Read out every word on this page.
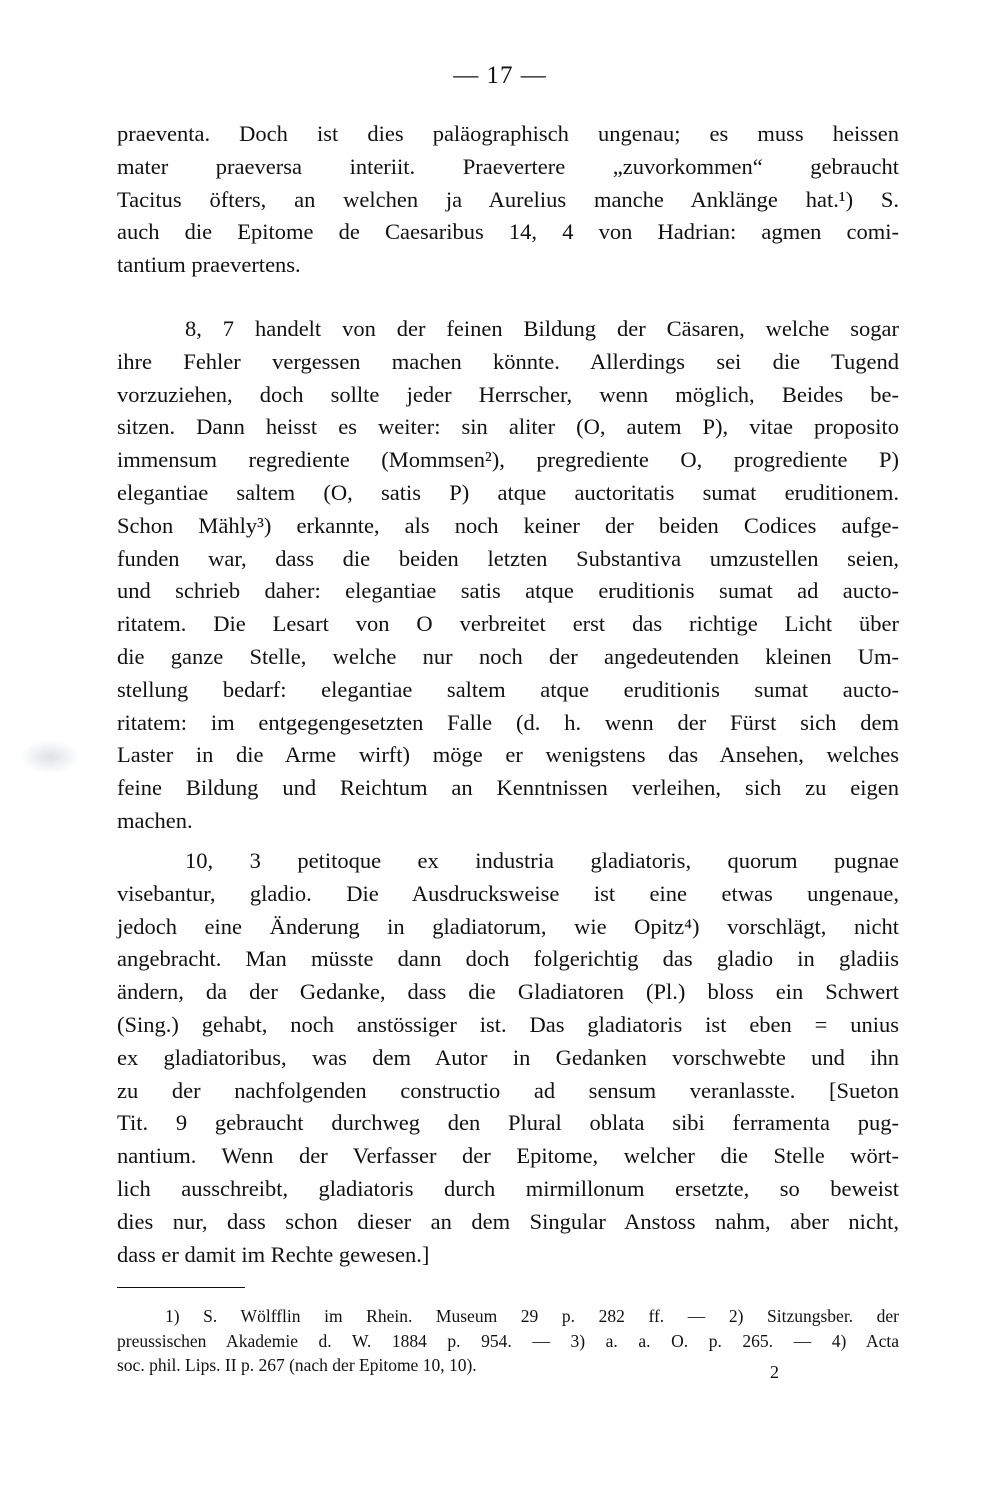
— 17 —
praeventa. Doch ist dies paläographisch ungenau; es muss heissen
mater praeversa interiit. Praevertere „zuvorkommen“ gebraucht
Tacitus öfters, an welchen ja Aurelius manche Anklänge hat.¹) S.
auch die Epitome de Caesaribus 14, 4 von Hadrian: agmen comi-
tantium praevertens.
8, 7 handelt von der feinen Bildung der Cäsaren, welche sogar
ihre Fehler vergessen machen könnte. Allerdings sei die Tugend
vorzuziehen, doch sollte jeder Herrscher, wenn möglich, Beides be-
sitzen. Dann heisst es weiter: sin aliter (O, autem P), vitae proposito
immensum regrediente (Mommsen²), pregrediente O, progrediente P)
elegantiae saltem (O, satis P) atque auctoritatis sumat eruditionem.
Schon Mähly³) erkannte, als noch keiner der beiden Codices aufge-
funden war, dass die beiden letzten Substantiva umzustellen seien,
und schrieb daher: elegantiae satis atque eruditionis sumat ad aucto-
ritatem. Die Lesart von O verbreitet erst das richtige Licht über
die ganze Stelle, welche nur noch der angedeutenden kleinen Um-
stellung bedarf: elegantiae saltem atque eruditionis sumat aucto-
ritatem: im entgegengesetzten Falle (d. h. wenn der Fürst sich dem
Laster in die Arme wirft) möge er wenigstens das Ansehen, welches
feine Bildung und Reichtum an Kenntnissen verleihen, sich zu eigen
machen.
10, 3 petitoque ex industria gladiatoris, quorum pugnae
visebantur, gladio. Die Ausdrucksweise ist eine etwas ungenaue,
jedoch eine Änderung in gladiatorum, wie Opitz⁴) vorschlägt, nicht
angebracht. Man müsste dann doch folgerichtig das gladio in gladiis
ändern, da der Gedanke, dass die Gladiatoren (Pl.) bloss ein Schwert
(Sing.) gehabt, noch anstössiger ist. Das gladiatoris ist eben = unius
ex gladiatoribus, was dem Autor in Gedanken vorschwebte und ihn
zu der nachfolgenden constructio ad sensum veranlasste. [Sueton
Tit. 9 gebraucht durchweg den Plural oblata sibi ferramenta pug-
nantium. Wenn der Verfasser der Epitome, welcher die Stelle wört-
lich ausschreibt, gladiatoris durch mirmillonum ersetzte, so beweist
dies nur, dass schon dieser an dem Singular Anstoss nahm, aber nicht,
dass er damit im Rechte gewesen.]
1) S. Wölfflin im Rhein. Museum 29 p. 282 ff. — 2) Sitzungsber. der
preussischen Akademie d. W. 1884 p. 954. — 3) a. a. O. p. 265. — 4) Acta
soc. phil. Lips. II p. 267 (nach der Epitome 10, 10).	2
